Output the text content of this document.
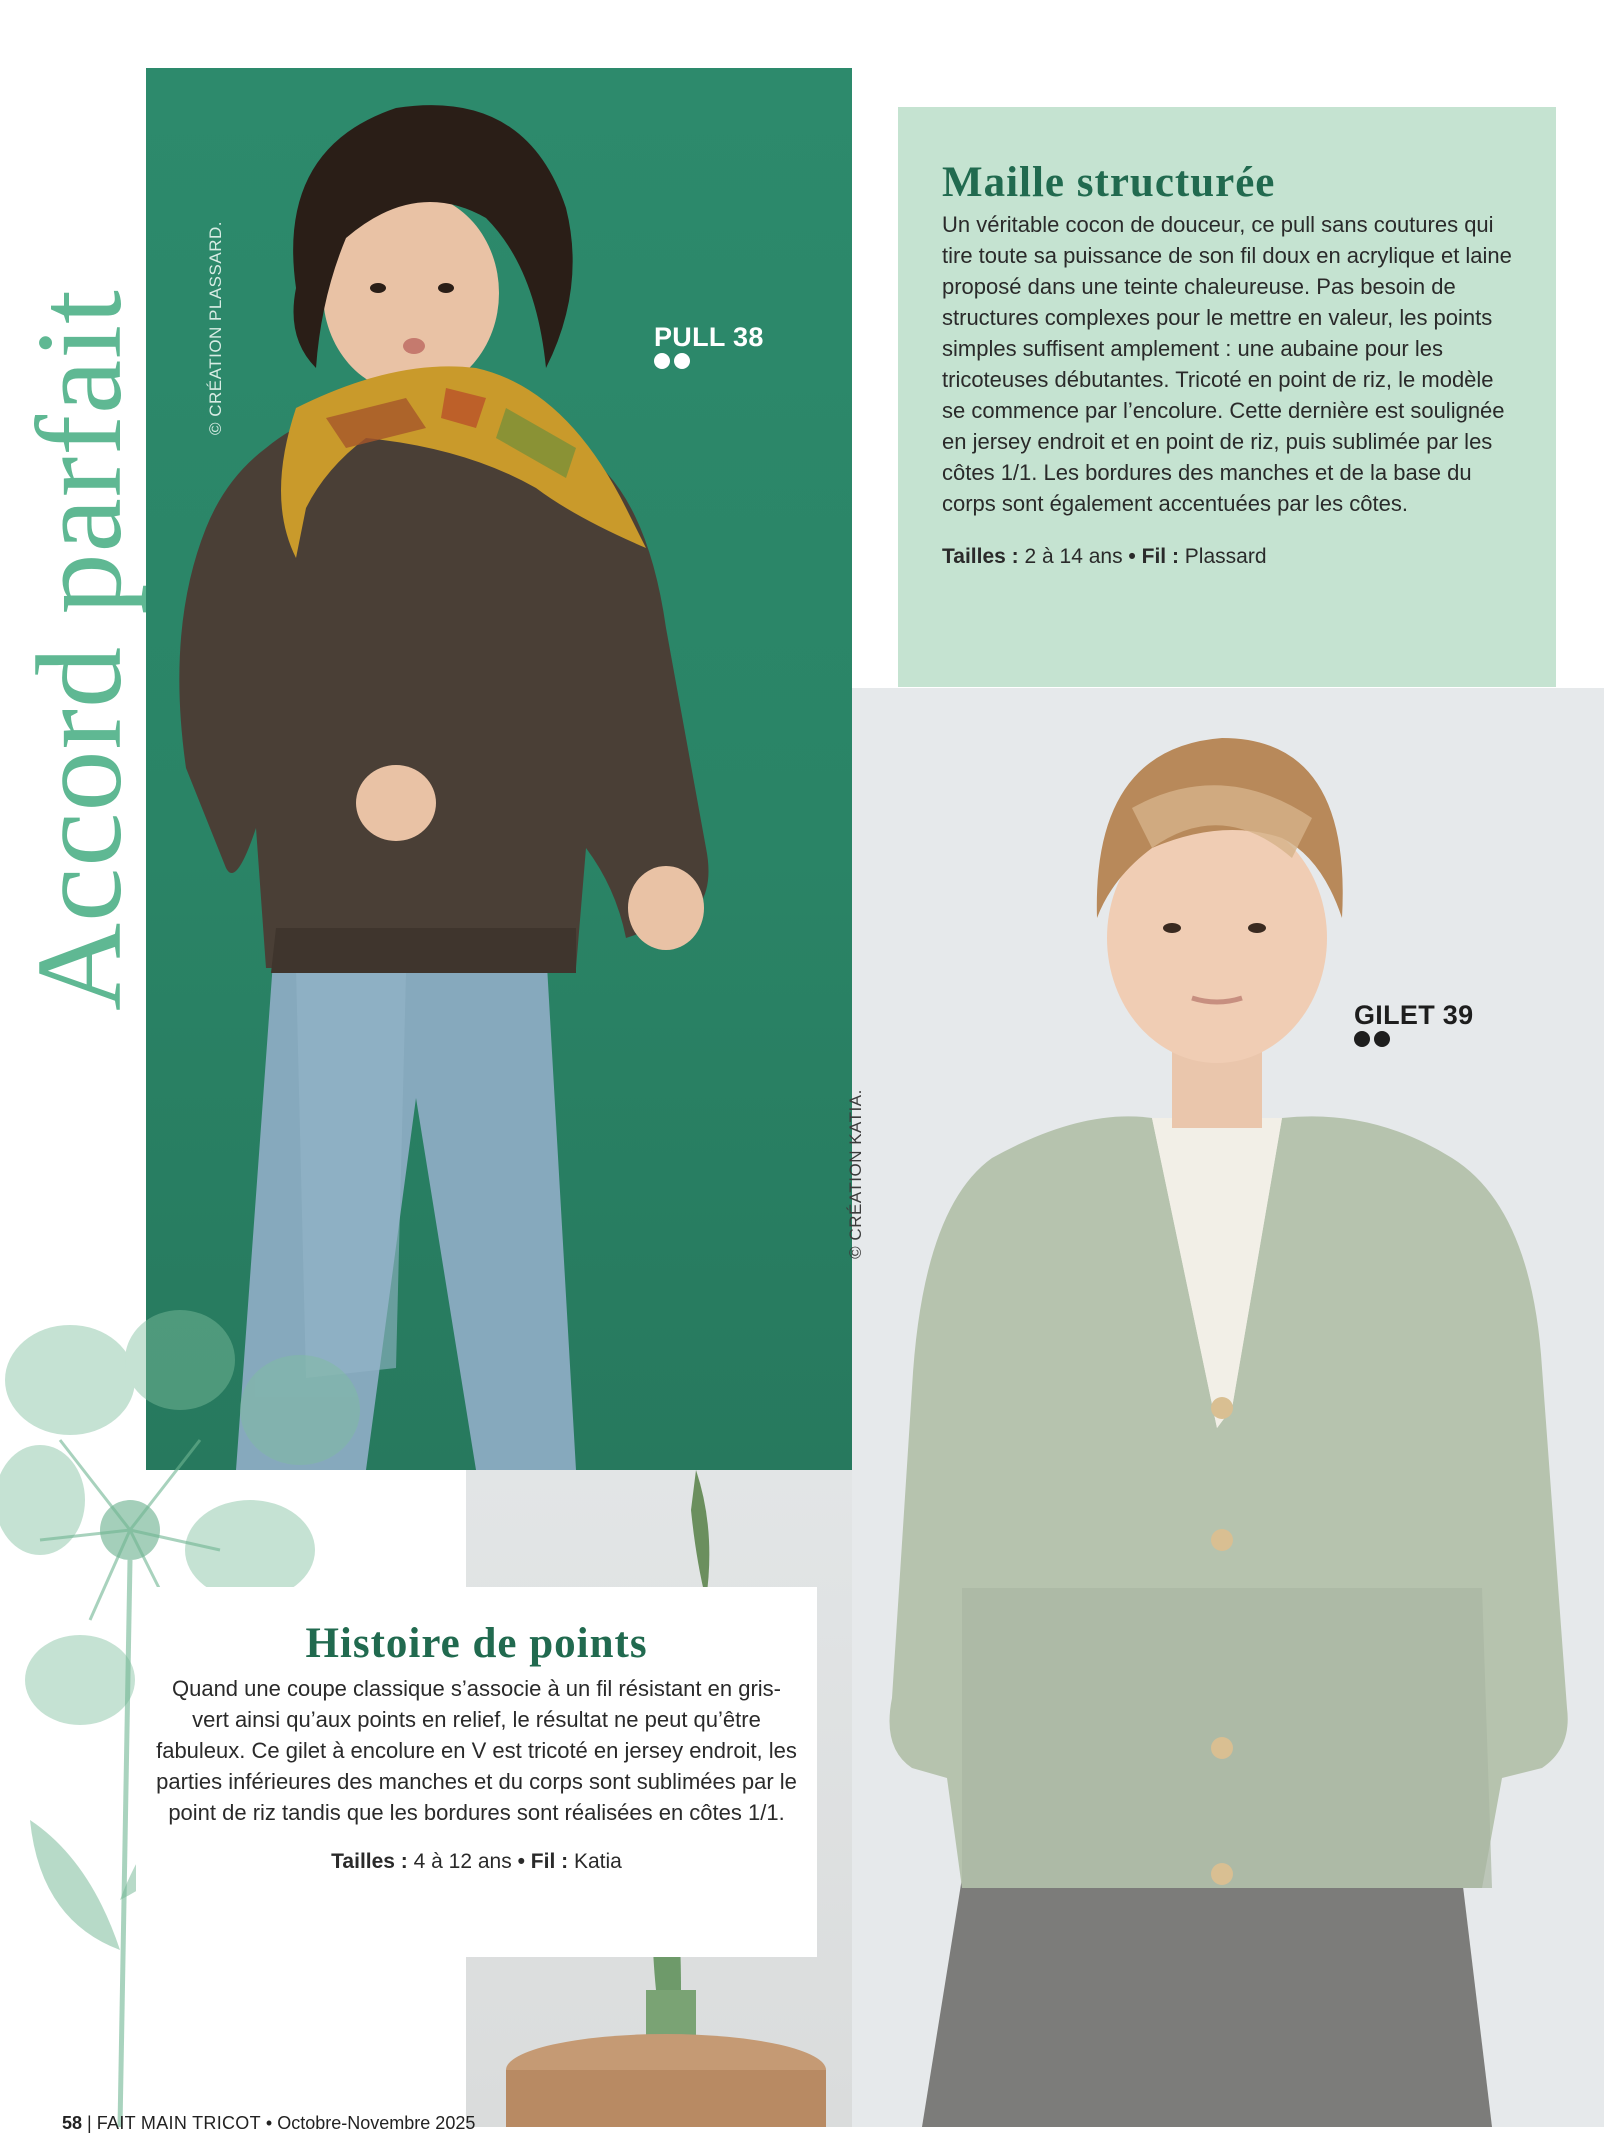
Accord parfait	© CRÉATION PLASSARD.
© CRÉATION KATIA.
PULL 38
GILET 39
Maille structurée

Un véritable cocon de douceur, ce pull sans coutures qui tire toute sa puissance de son fil doux en acrylique et laine proposé dans une teinte chaleureuse. Pas besoin de structures complexes pour le mettre en valeur, les points simples suffisent amplement : une aubaine pour les tricoteuses débutantes. Tricoté en point de riz, le modèle se commence par l’encolure. Cette dernière est soulignée en jersey endroit et en point de riz, puis sublimée par les côtes 1/1. Les bordures des manches et de la base du corps sont également accentuées par les côtes.

Tailles : 2 à 14 ans • Fil : Plassard
Histoire de points

Quand une coupe classique s’associe à un fil résistant en gris-vert ainsi qu’aux points en relief, le résultat ne peut qu’être fabuleux. Ce gilet à encolure en V est tricoté en jersey endroit, les parties inférieures des manches et du corps sont sublimées par le point de riz tandis que les bordures sont réalisées en côtes 1/1.

Tailles : 4 à 12 ans • Fil : Katia
58 | FAIT MAIN TRICOT • Octobre-Novembre 2025
